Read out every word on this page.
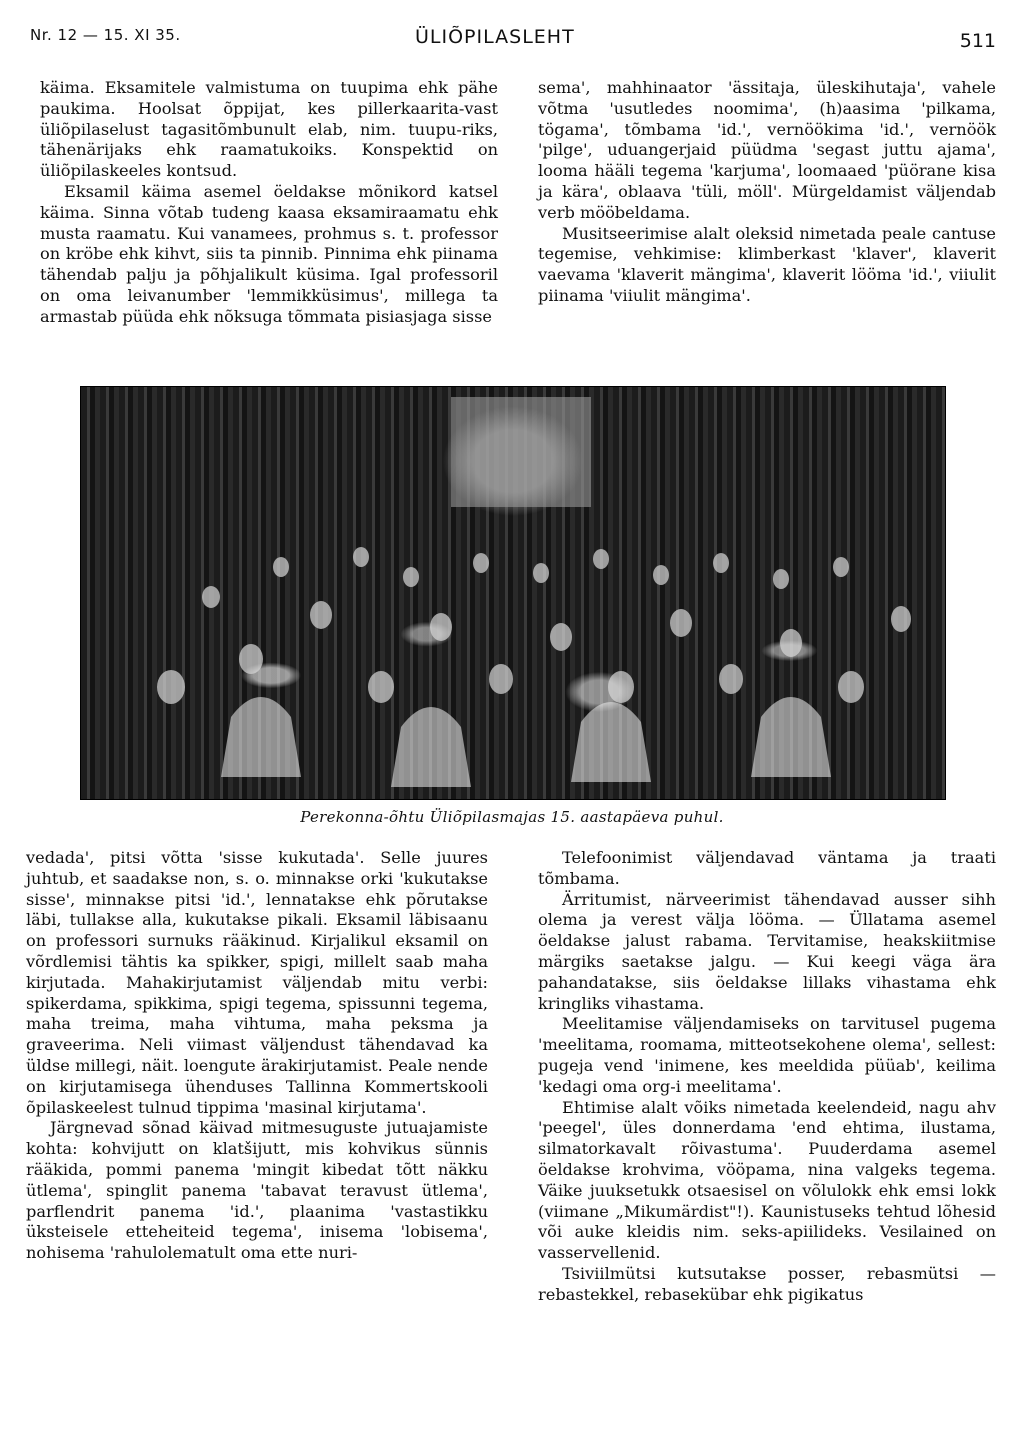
Nr. 12 — 15. XI 35.	ÜLIÕPILASLEHT	511

käima. Eksamitele valmistuma on tuupima ehk pähe paukima. Hoolsat õppijat, kes pillerkaarita-vast üliõpilaselust tagasitõmbunult elab, nim. tuupu-riks, tähenärijaks ehk raamatukoiks. Konspektid on üliõpilaskeeles kontsud.

Eksamil käima asemel öeldakse mõnikord katsel käima. Sinna võtab tudeng kaasa eksamiraamatu ehk musta raamatu. Kui vanamees, prohmus s. t. professor on kröbe ehk kihvt, siis ta pinnib. Pinnima ehk piinama tähendab palju ja põhjalikult küsima. Igal professoril on oma leivanumber 'lemmikküsimus', millega ta armastab püüda ehk nõksuga tõmmata pisiasjaga sisse

sema', mahhinaator 'ässitaja, üleskihutaja', vahele võtma 'usutledes noomima', (h)aasima 'pilkama, tögama', tõmbama 'id.', vernöökima 'id.', vernöök 'pilge', uduangerjaid püüdma 'segast juttu ajama', looma hääli tegema 'karjuma', loomaaed 'püörane kisa ja kära', oblaava 'tüli, möll'. Mürgeldamist väljendab verb mööbeldama.

Musitseerimise alalt oleksid nimetada peale cantuse tegemise, vehkimise: klimberkast 'klaver', klaverit vaevama 'klaverit mängima', klaverit lööma 'id.', viiulit piinama 'viiulit mängima'.

Perekonna-õhtu Üliõpilasmajas 15. aastapäeva puhul.

vedada', pitsi võtta 'sisse kukutada'. Selle juures juhtub, et saadakse non, s. o. minnakse orki 'kukutakse sisse', minnakse pitsi 'id.', lennatakse ehk põrutakse läbi, tullakse alla, kukutakse pikali. Eksamil läbisaanu on professori surnuks rääkinud. Kirjalikul eksamil on võrdlemisi tähtis ka spikker, spigi, millelt saab maha kirjutada. Mahakirjutamist väljendab mitu verbi: spikerdama, spikkima, spigi tegema, spissunni tegema, maha treima, maha vihtuma, maha peksma ja graveerima. Neli viimast väljendust tähendavad ka üldse millegi, näit. loengute ärakirjutamist. Peale nende on kirjutamisega ühenduses Tallinna Kommertskooli õpilaskeelest tulnud tippima 'masinal kirjutama'.

Järgnevad sõnad käivad mitmesuguste jutuajamiste kohta: kohvijutt on klatšijutt, mis kohvikus sünnis rääkida, pommi panema 'mingit kibedat tõtt näkku ütlema', spinglit panema 'tabavat teravust ütlema', parflendrit panema 'id.', plaanima 'vastastikku üksteisele etteheiteid tegema', inisema 'lobisema', nohisema 'rahulolematult oma ette nuri-

Telefoonimist väljendavad väntama ja traati tõmbama.

Ärritumist, närveerimist tähendavad ausser sihh olema ja verest välja lööma. — Üllatama asemel öeldakse jalust rabama. Tervitamise, heakskiitmise märgiks saetakse jalgu. — Kui keegi väga ära pahandatakse, siis öeldakse lillaks vihastama ehk kringliks vihastama.

Meelitamise väljendamiseks on tarvitusel pugema 'meelitama, roomama, mitteotsekohene olema', sellest: pugeja vend 'inimene, kes meeldida püüab', keilima 'kedagi oma org-i meelitama'.

Ehtimise alalt võiks nimetada keelendeid, nagu ahv 'peegel', üles donnerdama 'end ehtima, ilustama, silmatorkavalt rõivastuma'. Puuderdama asemel öeldakse krohvima, vööpama, nina valgeks tegema. Väike juuksetukk otsaesisel on võlulokk ehk emsi lokk (viimane „Mikumärdist"!). Kaunistuseks tehtud lõhesid või auke kleidis nim. seks-apiilideks. Vesilained on vasservellenid.

Tsiviilmütsi kutsutakse posser, rebasmütsi — rebastekkel, rebasekübar ehk pigikatus
